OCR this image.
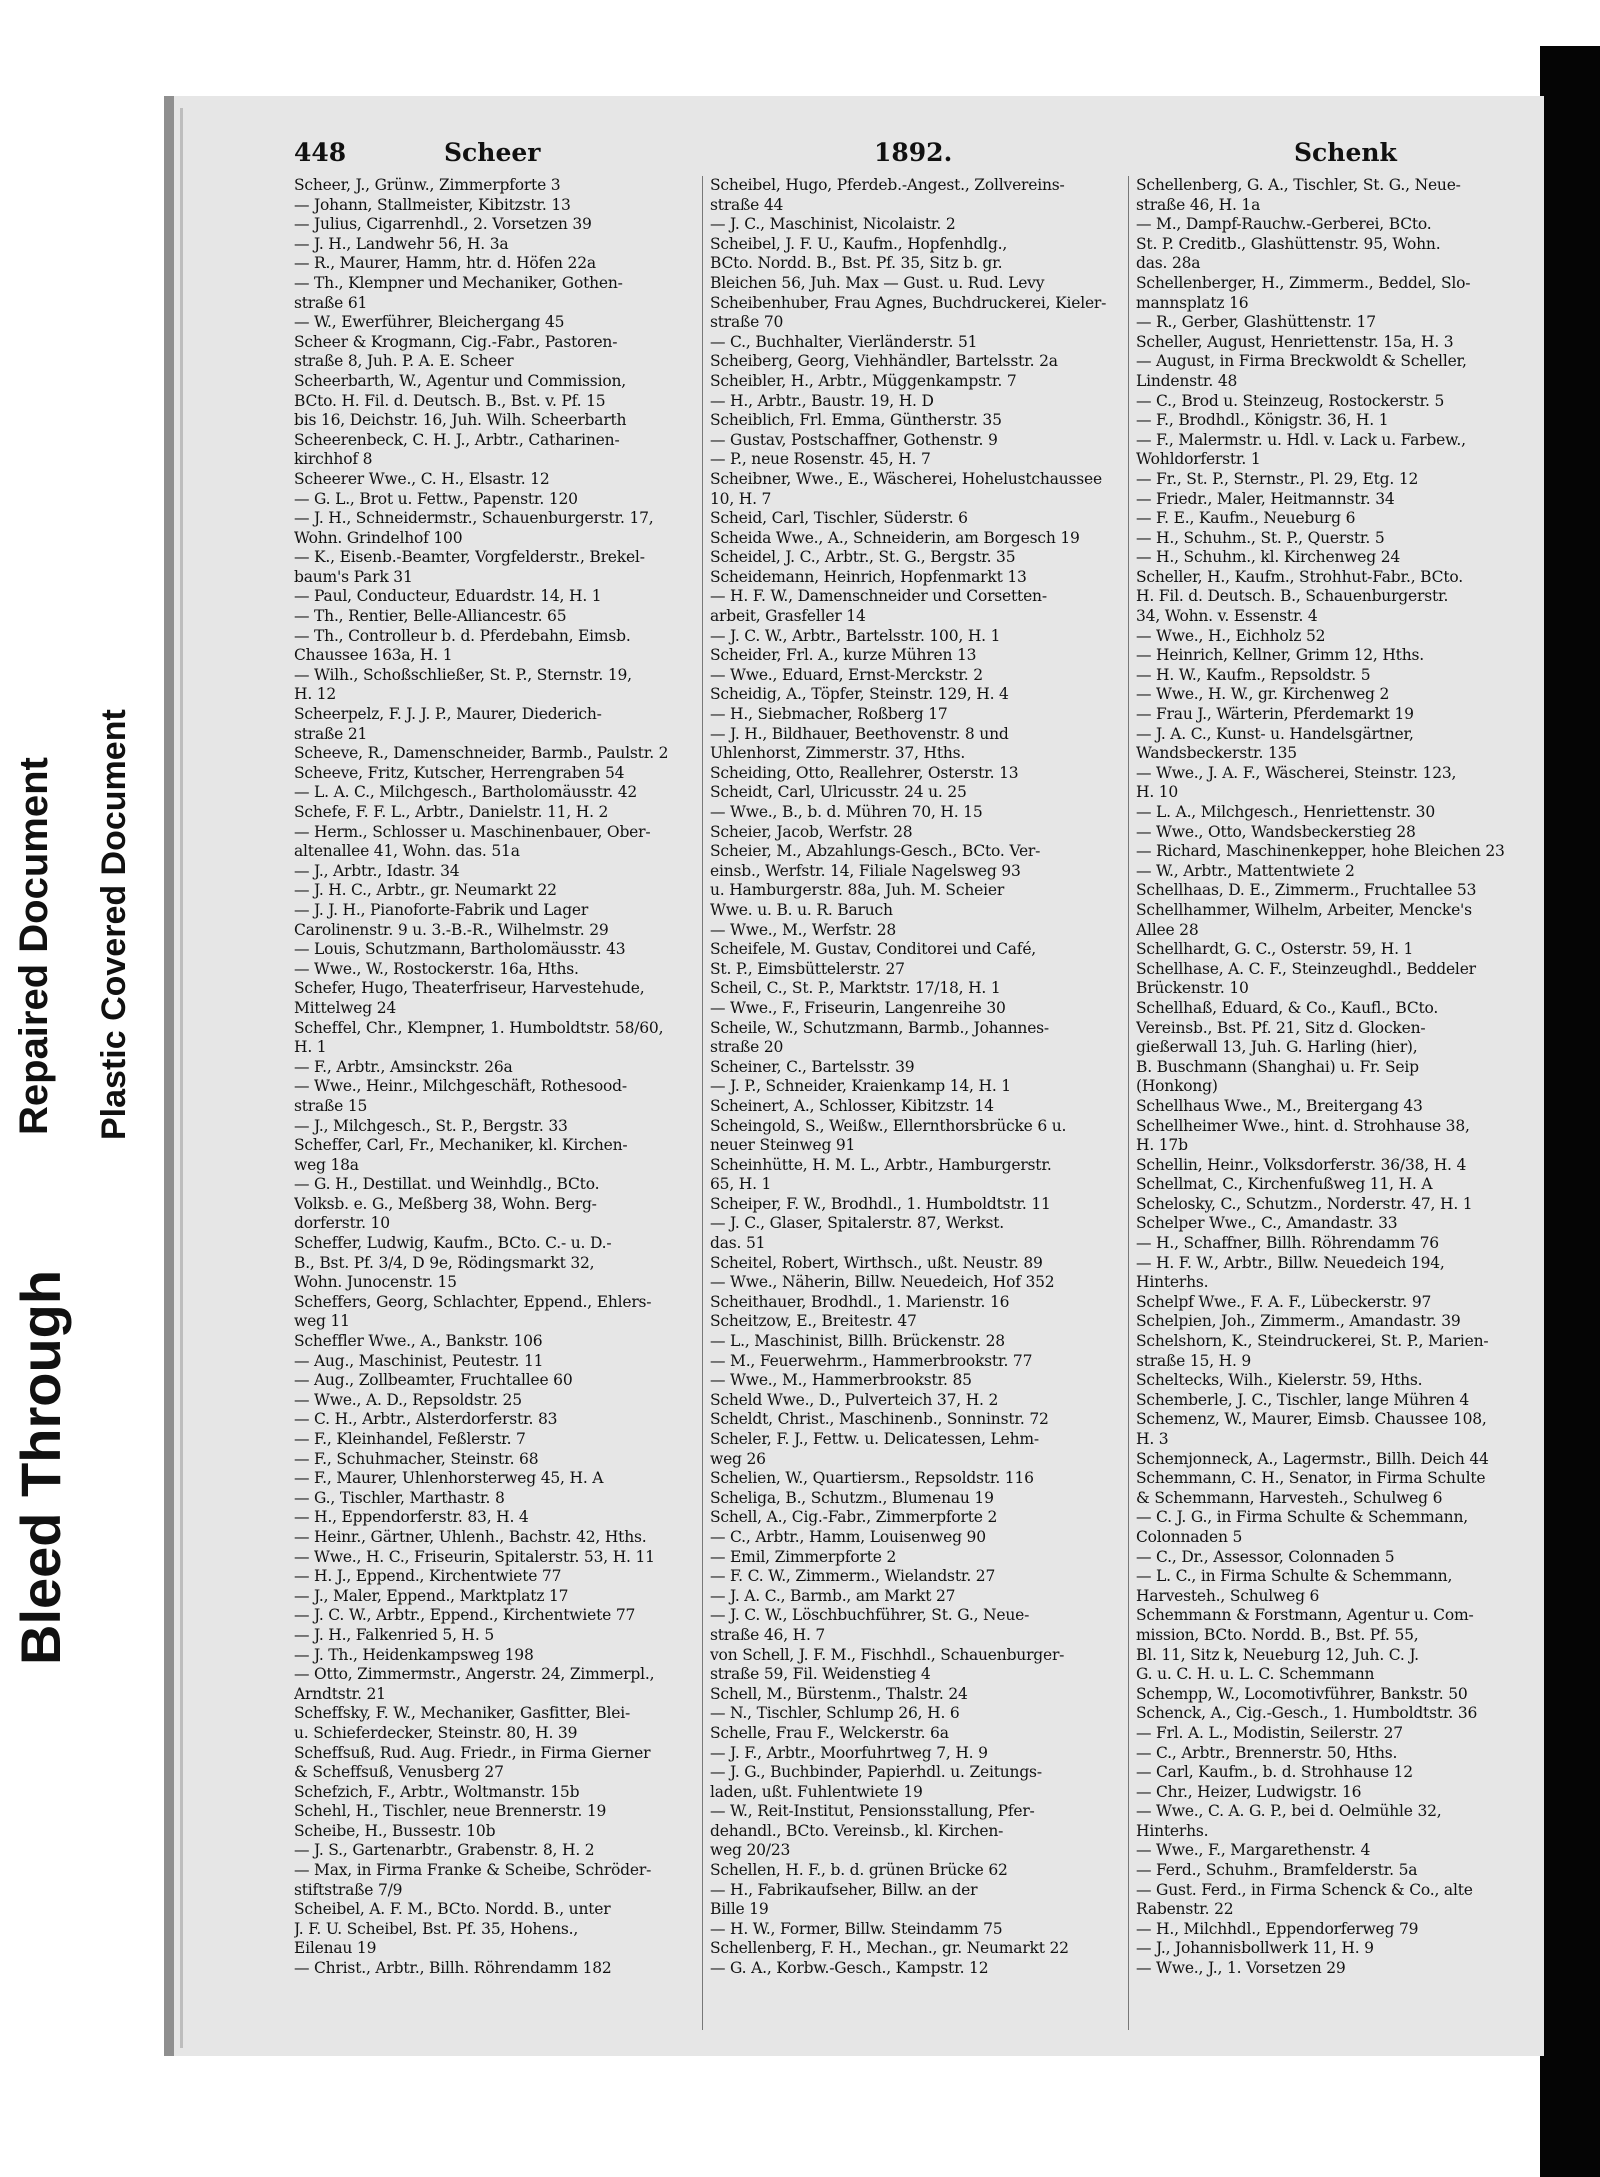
Bleed Through
Repaired Document Plastic Covered Document
448	Scheer	1892.	Schenk
Scheer, J., Grünw., Zimmerpforte 3
— Johann, Stallmeister, Kibitzstr. 13
— Julius, Cigarrenhdl., 2. Vorsetzen 39
— J. H., Landwehr 56, H. 3a
— R., Maurer, Hamm, htr. d. Höfen 22a
— Th., Klempner und Mechaniker, Gothen-
straße 61
— W., Ewerführer, Bleichergang 45
Scheer & Krogmann, Cig.-Fabr., Pastoren-
straße 8, Juh. P. A. E. Scheer
Scheerbarth, W., Agentur und Commission,
BCto. H. Fil. d. Deutsch. B., Bst. v. Pf. 15
bis 16, Deichstr. 16, Juh. Wilh. Scheerbarth
Scheerenbeck, C. H. J., Arbtr., Catharinen-
kirchhof 8
Scheerer Wwe., C. H., Elsastr. 12
— G. L., Brot u. Fettw., Papenstr. 120
— J. H., Schneidermstr., Schauenburgerstr. 17,
Wohn. Grindelhof 100
— K., Eisenb.-Beamter, Vorgfelderstr., Brekel-
baum's Park 31
— Paul, Conducteur, Eduardstr. 14, H. 1
— Th., Rentier, Belle-Alliancestr. 65
— Th., Controlleur b. d. Pferdebahn, Eimsb.
Chaussee 163a, H. 1
— Wilh., Schoßschließer, St. P., Sternstr. 19,
H. 12
Scheerpelz, F. J. J. P., Maurer, Diederich-
straße 21
Scheeve, R., Damenschneider, Barmb., Paulstr. 2
Scheeve, Fritz, Kutscher, Herrengraben 54
— L. A. C., Milchgesch., Bartholomäusstr. 42
Schefe, F. F. L., Arbtr., Danielstr. 11, H. 2
— Herm., Schlosser u. Maschinenbauer, Ober-
altenallee 41, Wohn. das. 51a
— J., Arbtr., Idastr. 34
— J. H. C., Arbtr., gr. Neumarkt 22
— J. J. H., Pianoforte-Fabrik und Lager
Carolinenstr. 9 u. 3.-B.-R., Wilhelmstr. 29
— Louis, Schutzmann, Bartholomäusstr. 43
— Wwe., W., Rostockerstr. 16a, Hths.
Schefer, Hugo, Theaterfriseur, Harvestehude,
Mittelweg 24
Scheffel, Chr., Klempner, 1. Humboldtstr. 58/60,
H. 1
— F., Arbtr., Amsinckstr. 26a
— Wwe., Heinr., Milchgeschäft, Rothesood-
straße 15
— J., Milchgesch., St. P., Bergstr. 33
Scheffer, Carl, Fr., Mechaniker, kl. Kirchen-
weg 18a
— G. H., Destillat. und Weinhdlg., BCto.
Volksb. e. G., Meßberg 38, Wohn. Berg-
dorferstr. 10
Scheffer, Ludwig, Kaufm., BCto. C.- u. D.-
B., Bst. Pf. 3/4, D 9e, Rödingsmarkt 32,
Wohn. Junocenstr. 15
Scheffers, Georg, Schlachter, Eppend., Ehlers-
weg 11
Scheffler Wwe., A., Bankstr. 106
— Aug., Maschinist, Peutestr. 11
— Aug., Zollbeamter, Fruchtallee 60
— Wwe., A. D., Repsoldstr. 25
— C. H., Arbtr., Alsterdorferstr. 83
— F., Kleinhandel, Feßlerstr. 7
— F., Schuhmacher, Steinstr. 68
— F., Maurer, Uhlenhorsterweg 45, H. A
— G., Tischler, Marthastr. 8
— H., Eppendorferstr. 83, H. 4
— Heinr., Gärtner, Uhlenh., Bachstr. 42, Hths.
— Wwe., H. C., Friseurin, Spitalerstr. 53, H. 11
— H. J., Eppend., Kirchentwiete 77
— J., Maler, Eppend., Marktplatz 17
— J. C. W., Arbtr., Eppend., Kirchentwiete 77
— J. H., Falkenried 5, H. 5
— J. Th., Heidenkampsweg 198
— Otto, Zimmermstr., Angerstr. 24, Zimmerpl.,
Arndtstr. 21
Scheffsky, F. W., Mechaniker, Gasfitter, Blei-
u. Schieferdecker, Steinstr. 80, H. 39
Scheffsuß, Rud. Aug. Friedr., in Firma Gierner
& Scheffsuß, Venusberg 27
Schefzich, F., Arbtr., Woltmanstr. 15b
Schehl, H., Tischler, neue Brennerstr. 19
Scheibe, H., Bussestr. 10b
— J. S., Gartenarbtr., Grabenstr. 8, H. 2
— Max, in Firma Franke & Scheibe, Schröder-
stiftstraße 7/9
Scheibel, A. F. M., BCto. Nordd. B., unter
J. F. U. Scheibel, Bst. Pf. 35, Hohens.,
Eilenau 19
— Christ., Arbtr., Billh. Röhrendamm 182
Scheibel, Hugo, Pferdeb.-Angest., Zollvereins-
straße 44
— J. C., Maschinist, Nicolaistr. 2
Scheibel, J. F. U., Kaufm., Hopfenhdlg.,
BCto. Nordd. B., Bst. Pf. 35, Sitz b. gr.
Bleichen 56, Juh. Max — Gust. u. Rud. Levy
Scheibenhuber, Frau Agnes, Buchdruckerei, Kieler-
straße 70
— C., Buchhalter, Vierländerstr. 51
Scheiberg, Georg, Viehhändler, Bartelsstr. 2a
Scheibler, H., Arbtr., Müggenkampstr. 7
— H., Arbtr., Baustr. 19, H. D
Scheiblich, Frl. Emma, Güntherstr. 35
— Gustav, Postschaffner, Gothenstr. 9
— P., neue Rosenstr. 45, H. 7
Scheibner, Wwe., E., Wäscherei, Hohelustchaussee
10, H. 7
Scheid, Carl, Tischler, Süderstr. 6
Scheida Wwe., A., Schneiderin, am Borgesch 19
Scheidel, J. C., Arbtr., St. G., Bergstr. 35
Scheidemann, Heinrich, Hopfenmarkt 13
— H. F. W., Damenschneider und Corsetten-
arbeit, Grasfeller 14
— J. C. W., Arbtr., Bartelsstr. 100, H. 1
Scheider, Frl. A., kurze Mühren 13
— Wwe., Eduard, Ernst-Merckstr. 2
Scheidig, A., Töpfer, Steinstr. 129, H. 4
— H., Siebmacher, Roßberg 17
— J. H., Bildhauer, Beethovenstr. 8 und
Uhlenhorst, Zimmerstr. 37, Hths.
Scheiding, Otto, Reallehrer, Osterstr. 13
Scheidt, Carl, Ulricusstr. 24 u. 25
— Wwe., B., b. d. Mühren 70, H. 15
Scheier, Jacob, Werfstr. 28
Scheier, M., Abzahlungs-Gesch., BCto. Ver-
einsb., Werfstr. 14, Filiale Nagelsweg 93
u. Hamburgerstr. 88a, Juh. M. Scheier
Wwe. u. B. u. R. Baruch
— Wwe., M., Werfstr. 28
Scheifele, M. Gustav, Conditorei und Café,
St. P., Eimsbüttelerstr. 27
Scheil, C., St. P., Marktstr. 17/18, H. 1
— Wwe., F., Friseurin, Langenreihe 30
Scheile, W., Schutzmann, Barmb., Johannes-
straße 20
Scheiner, C., Bartelsstr. 39
— J. P., Schneider, Kraienkamp 14, H. 1
Scheinert, A., Schlosser, Kibitzstr. 14
Scheingold, S., Weißw., Ellernthorsbrücke 6 u.
neuer Steinweg 91
Scheinhütte, H. M. L., Arbtr., Hamburgerstr.
65, H. 1
Scheiper, F. W., Brodhdl., 1. Humboldtstr. 11
— J. C., Glaser, Spitalerstr. 87, Werkst.
das. 51
Scheitel, Robert, Wirthsch., ußt. Neustr. 89
— Wwe., Näherin, Billw. Neuedeich, Hof 352
Scheithauer, Brodhdl., 1. Marienstr. 16
Scheitzow, E., Breitestr. 47
— L., Maschinist, Billh. Brückenstr. 28
— M., Feuerwehrm., Hammerbrookstr. 77
— Wwe., M., Hammerbrookstr. 85
Scheld Wwe., D., Pulverteich 37, H. 2
Scheldt, Christ., Maschinenb., Sonninstr. 72
Scheler, F. J., Fettw. u. Delicatessen, Lehm-
weg 26
Schelien, W., Quartiersm., Repsoldstr. 116
Scheliga, B., Schutzm., Blumenau 19
Schell, A., Cig.-Fabr., Zimmerpforte 2
— C., Arbtr., Hamm, Louisenweg 90
— Emil, Zimmerpforte 2
— F. C. W., Zimmerm., Wielandstr. 27
— J. A. C., Barmb., am Markt 27
— J. C. W., Löschbuchführer, St. G., Neue-
straße 46, H. 7
von Schell, J. F. M., Fischhdl., Schauenburger-
straße 59, Fil. Weidenstieg 4
Schell, M., Bürstenm., Thalstr. 24
— N., Tischler, Schlump 26, H. 6
Schelle, Frau F., Welckerstr. 6a
— J. F., Arbtr., Moorfuhrtweg 7, H. 9
— J. G., Buchbinder, Papierhdl. u. Zeitungs-
laden, ußt. Fuhlentwiete 19
— W., Reit-Institut, Pensionsstallung, Pfer-
dehandl., BCto. Vereinsb., kl. Kirchen-
weg 20/23
Schellen, H. F., b. d. grünen Brücke 62
— H., Fabrikaufseher, Billw. an der
Bille 19
— H. W., Former, Billw. Steindamm 75
Schellenberg, F. H., Mechan., gr. Neumarkt 22
— G. A., Korbw.-Gesch., Kampstr. 12
Schellenberg, G. A., Tischler, St. G., Neue-
straße 46, H. 1a
— M., Dampf-Rauchw.-Gerberei, BCto.
St. P. Creditb., Glashüttenstr. 95, Wohn.
das. 28a
Schellenberger, H., Zimmerm., Beddel, Slo-
mannsplatz 16
— R., Gerber, Glashüttenstr. 17
Scheller, August, Henriettenstr. 15a, H. 3
— August, in Firma Breckwoldt & Scheller,
Lindenstr. 48
— C., Brod u. Steinzeug, Rostockerstr. 5
— F., Brodhdl., Königstr. 36, H. 1
— F., Malermstr. u. Hdl. v. Lack u. Farbew.,
Wohldorferstr. 1
— Fr., St. P., Sternstr., Pl. 29, Etg. 12
— Friedr., Maler, Heitmannstr. 34
— F. E., Kaufm., Neueburg 6
— H., Schuhm., St. P., Querstr. 5
— H., Schuhm., kl. Kirchenweg 24
Scheller, H., Kaufm., Strohhut-Fabr., BCto.
H. Fil. d. Deutsch. B., Schauenburgerstr.
34, Wohn. v. Essenstr. 4
— Wwe., H., Eichholz 52
— Heinrich, Kellner, Grimm 12, Hths.
— H. W., Kaufm., Repsoldstr. 5
— Wwe., H. W., gr. Kirchenweg 2
— Frau J., Wärterin, Pferdemarkt 19
— J. A. C., Kunst- u. Handelsgärtner,
Wandsbeckerstr. 135
— Wwe., J. A. F., Wäscherei, Steinstr. 123,
H. 10
— L. A., Milchgesch., Henriettenstr. 30
— Wwe., Otto, Wandsbeckerstieg 28
— Richard, Maschinenkepper, hohe Bleichen 23
— W., Arbtr., Mattentwiete 2
Schellhaas, D. E., Zimmerm., Fruchtallee 53
Schellhammer, Wilhelm, Arbeiter, Mencke's
Allee 28
Schellhardt, G. C., Osterstr. 59, H. 1
Schellhase, A. C. F., Steinzeughdl., Beddeler
Brückenstr. 10
Schellhaß, Eduard, & Co., Kaufl., BCto.
Vereinsb., Bst. Pf. 21, Sitz d. Glocken-
gießerwall 13, Juh. G. Harling (hier),
B. Buschmann (Shanghai) u. Fr. Seip
(Honkong)
Schellhaus Wwe., M., Breitergang 43
Schellheimer Wwe., hint. d. Strohhause 38,
H. 17b
Schellin, Heinr., Volksdorferstr. 36/38, H. 4
Schellmat, C., Kirchenfußweg 11, H. A
Schelosky, C., Schutzm., Norderstr. 47, H. 1
Schelper Wwe., C., Amandastr. 33
— H., Schaffner, Billh. Röhrendamm 76
— H. F. W., Arbtr., Billw. Neuedeich 194,
Hinterhs.
Schelpf Wwe., F. A. F., Lübeckerstr. 97
Schelpien, Joh., Zimmerm., Amandastr. 39
Schelshorn, K., Steindruckerei, St. P., Marien-
straße 15, H. 9
Scheltecks, Wilh., Kielerstr. 59, Hths.
Schemberle, J. C., Tischler, lange Mühren 4
Schemenz, W., Maurer, Eimsb. Chaussee 108,
H. 3
Schemjonneck, A., Lagermstr., Billh. Deich 44
Schemmann, C. H., Senator, in Firma Schulte
& Schemmann, Harvesteh., Schulweg 6
— C. J. G., in Firma Schulte & Schemmann,
Colonnaden 5
— C., Dr., Assessor, Colonnaden 5
— L. C., in Firma Schulte & Schemmann,
Harvesteh., Schulweg 6
Schemmann & Forstmann, Agentur u. Com-
mission, BCto. Nordd. B., Bst. Pf. 55,
Bl. 11, Sitz k, Neueburg 12, Juh. C. J.
G. u. C. H. u. L. C. Schemmann
Schempp, W., Locomotivführer, Bankstr. 50
Schenck, A., Cig.-Gesch., 1. Humboldtstr. 36
— Frl. A. L., Modistin, Seilerstr. 27
— C., Arbtr., Brennerstr. 50, Hths.
— Carl, Kaufm., b. d. Strohhause 12
— Chr., Heizer, Ludwigstr. 16
— Wwe., C. A. G. P., bei d. Oelmühle 32,
Hinterhs.
— Wwe., F., Margarethenstr. 4
— Ferd., Schuhm., Bramfelderstr. 5a
— Gust. Ferd., in Firma Schenck & Co., alte
Rabenstr. 22
— H., Milchhdl., Eppendorferweg 79
— J., Johannisbollwerk 11, H. 9
— Wwe., J., 1. Vorsetzen 29
